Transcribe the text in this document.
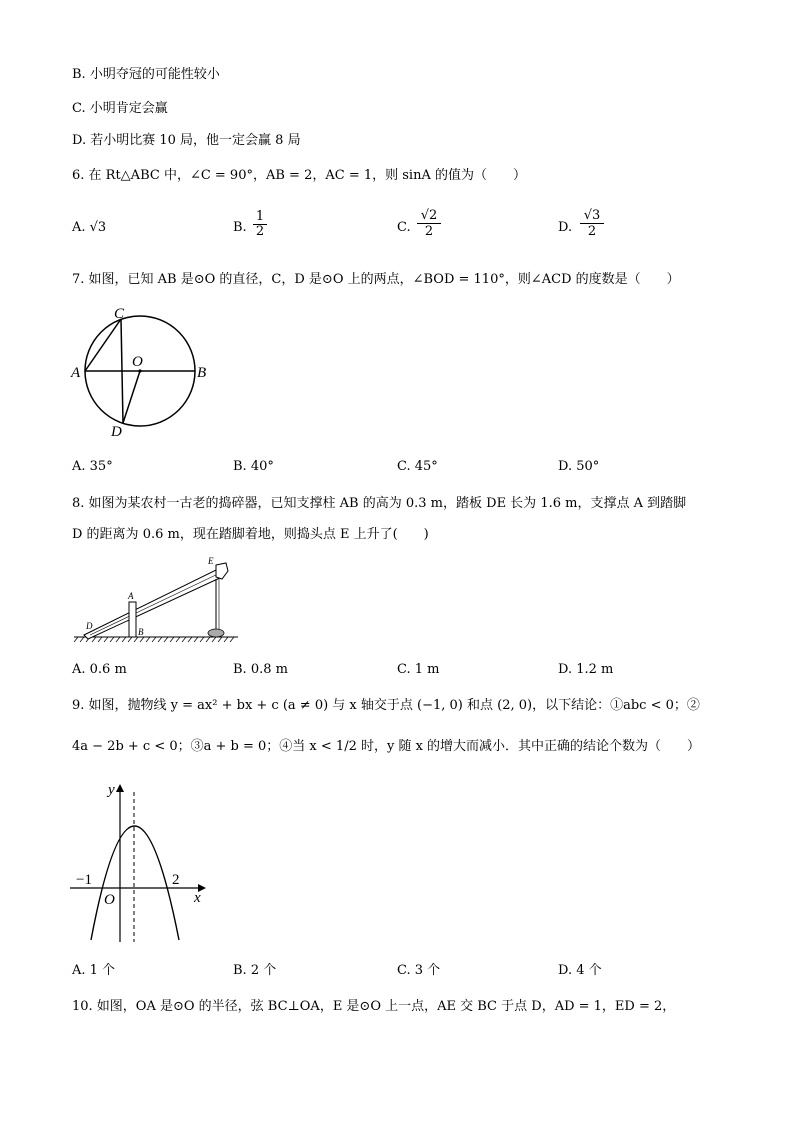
B. 小明夺冠的可能性较小
C. 小明肯定会赢
D. 若小明比赛 10 局，他一定会赢 8 局
6. 在 Rt△ABC 中，∠C = 90°，AB = 2，AC = 1，则 sinA 的值为（　　）
A. √3	B. $\frac{1}{2}$	C. $\frac{√2}{2}$	D. $\frac{√3}{2}$
7. 如图，已知 AB 是⊙O 的直径，C，D 是⊙O 上的两点，∠BOD = 110°，则∠ACD 的度数是（　　）
C
O
A	B
D
A. 35°	B. 40°	C. 45°	D. 50°
8. 如图为某农村一古老的捣碎器，已知支撑柱 AB 的高为 0.3 m，踏板 DE 长为 1.6 m，支撑点 A 到踏脚
D 的距离为 0.6 m，现在踏脚着地，则捣头点 E 上升了(　　)
E
A
D
B
A. 0.6 m	B. 0.8 m	C. 1 m	D. 1.2 m
9. 如图，抛物线 y = ax² + bx + c (a ≠ 0) 与 x 轴交于点 (−1, 0) 和点 (2, 0)，以下结论：①abc < 0；②
4a − 2b + c < 0；③a + b = 0；④当 x < 1/2 时，y 随 x 的增大而减小．其中正确的结论个数为（　　）
y
x
O
−1	2
A. 1 个	B. 2 个	C. 3 个	D. 4 个
10. 如图，OA 是⊙O 的半径，弦 BC⊥OA，E 是⊙O 上一点，AE 交 BC 于点 D，AD = 1，ED = 2，
